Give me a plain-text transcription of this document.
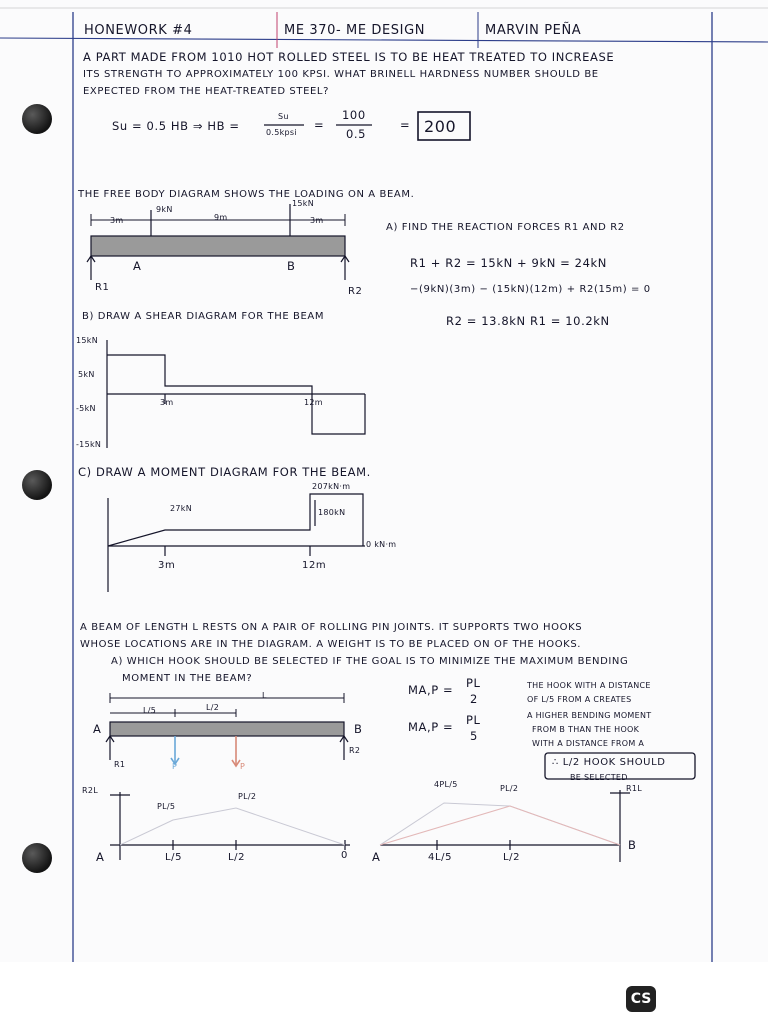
HONEWORK #4	ME 370- ME DESIGN	MARVIN PEÑA
A PART MADE FROM 1010 HOT ROLLED STEEL IS TO BE HEAT TREATED TO INCREASE
ITS STRENGTH TO APPROXIMATELY 100 KPSI. WHAT BRINELL HARDNESS NUMBER SHOULD BE
EXPECTED FROM THE HEAT-TREATED STEEL?
Su = 0.5 HB ⇒ HB =
Su
0.5kpsi
=
100
0.5
= 200
THE FREE BODY DIAGRAM SHOWS THE LOADING ON A BEAM.
9kN
15kN
3m	9m	3m
A	B
R1	R2
A) FIND THE REACTION FORCES R1 AND R2
R1 + R2 = 15kN + 9kN = 24kN
−(9kN)(3m) − (15kN)(12m) + R2(15m) = 0
R2 = 13.8kN R1 = 10.2kN
B) DRAW A SHEAR DIAGRAM FOR THE BEAM
15kN
5kN
-5kN
-15kN
3m	12m
C) DRAW A MOMENT DIAGRAM FOR THE BEAM.
207kN·m
27kN	180kN
0 kN·m
3m	12m
A BEAM OF LENGTH L RESTS ON A PAIR OF ROLLING PIN JOINTS. IT SUPPORTS TWO HOOKS
WHOSE LOCATIONS ARE IN THE DIAGRAM. A WEIGHT IS TO BE PLACED ON OF THE HOOKS.
A) WHICH HOOK SHOULD BE SELECTED IF THE GOAL IS TO MINIMIZE THE MAXIMUM BENDING
MOMENT IN THE BEAM?
L
L/2
L/5
A	B
R1
R2
P	P
MA,P = PL
2
MA,P = PL
5
THE HOOK WITH A DISTANCE
OF L/5 FROM A CREATES
A HIGHER BENDING MOMENT
FROM B THAN THE HOOK
WITH A DISTANCE FROM A
∴ L/2 HOOK SHOULD
BE SELECTED
R2L
PL/5
PL/2
A	L/5	L/2	0
R1L
4PL/5	PL/2
A
B
4L/5	L/2
CS
